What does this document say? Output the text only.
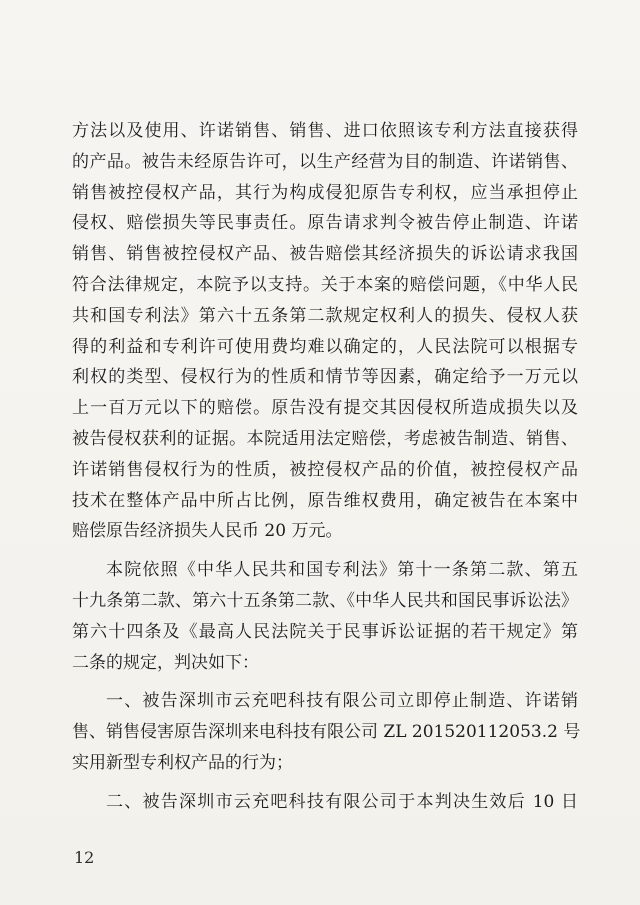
方法以及使用、许诺销售、销售、进口依照该专利方法直接获得
的产品。被告未经原告许可，以生产经营为目的制造、许诺销售、
销售被控侵权产品，其行为构成侵犯原告专利权，应当承担停止
侵权、赔偿损失等民事责任。原告请求判令被告停止制造、许诺
销售、销售被控侵权产品、被告赔偿其经济损失的诉讼请求我国
符合法律规定，本院予以支持。关于本案的赔偿问题，《中华人民
共和国专利法》第六十五条第二款规定权利人的损失、侵权人获
得的利益和专利许可使用费均难以确定的，人民法院可以根据专
利权的类型、侵权行为的性质和情节等因素，确定给予一万元以
上一百万元以下的赔偿。原告没有提交其因侵权所造成损失以及
被告侵权获利的证据。本院适用法定赔偿，考虑被告制造、销售、
许诺销售侵权行为的性质，被控侵权产品的价值，被控侵权产品
技术在整体产品中所占比例，原告维权费用，确定被告在本案中
赔偿原告经济损失人民币 20 万元。
本院依照《中华人民共和国专利法》第十一条第二款、第五
十九条第二款、第六十五条第二款、《中华人民共和国民事诉讼法》
第六十四条及《最高人民法院关于民事诉讼证据的若干规定》第
二条的规定，判决如下：
一、被告深圳市云充吧科技有限公司立即停止制造、许诺销
售、销售侵害原告深圳来电科技有限公司 ZL 201520112053.2 号
实用新型专利权产品的行为；
二、被告深圳市云充吧科技有限公司于本判决生效后 10 日
12
